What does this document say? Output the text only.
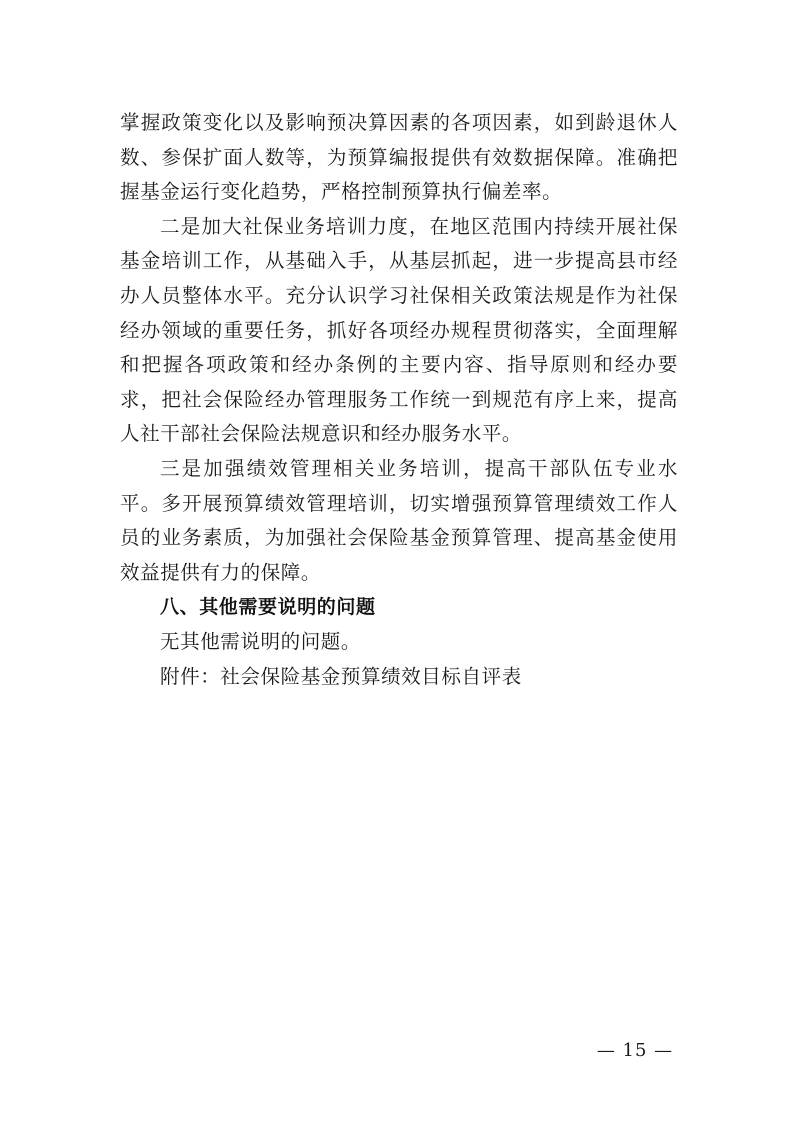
掌握政策变化以及影响预决算因素的各项因素，如到龄退休人数、参保扩面人数等，为预算编报提供有效数据保障。准确把握基金运行变化趋势，严格控制预算执行偏差率。

二是加大社保业务培训力度，在地区范围内持续开展社保基金培训工作，从基础入手，从基层抓起，进一步提高县市经办人员整体水平。充分认识学习社保相关政策法规是作为社保经办领域的重要任务，抓好各项经办规程贯彻落实，全面理解和把握各项政策和经办条例的主要内容、指导原则和经办要求，把社会保险经办管理服务工作统一到规范有序上来，提高人社干部社会保险法规意识和经办服务水平。

三是加强绩效管理相关业务培训，提高干部队伍专业水平。多开展预算绩效管理培训，切实增强预算管理绩效工作人员的业务素质，为加强社会保险基金预算管理、提高基金使用效益提供有力的保障。

八、其他需要说明的问题

无其他需说明的问题。

附件：社会保险基金预算绩效目标自评表

— 15 —
